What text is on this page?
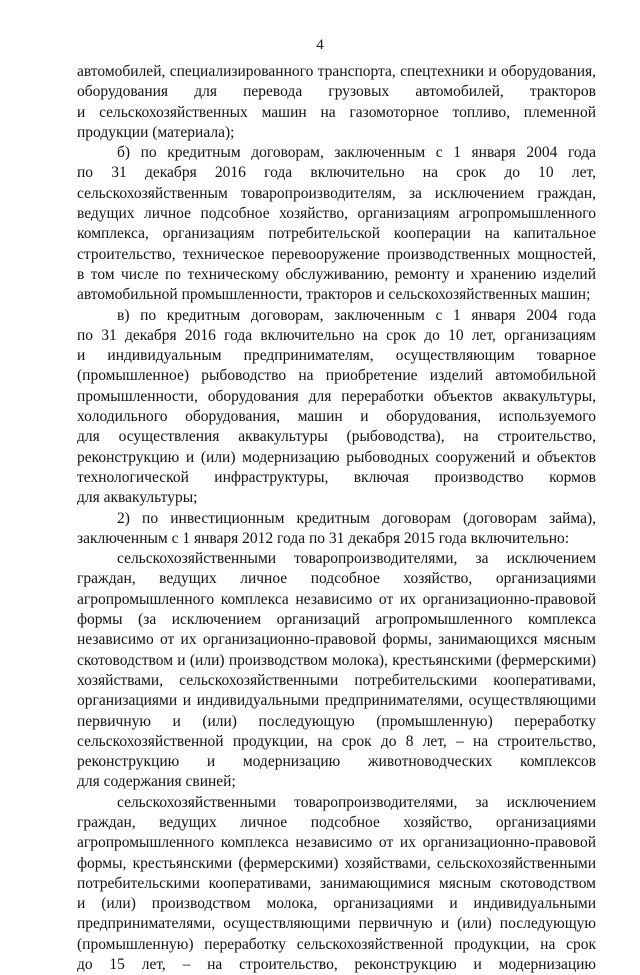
4
автомобилей, специализированного транспорта, спецтехники и оборудования,
оборудования для перевода грузовых автомобилей, тракторов
и сельскохозяйственных машин на газомоторное топливо, племенной
продукции (материала);
б) по кредитным договорам, заключенным с 1 января 2004 года
по 31 декабря 2016 года включительно на срок до 10 лет,
сельскохозяйственным товаропроизводителям, за исключением граждан,
ведущих личное подсобное хозяйство, организациям агропромышленного
комплекса, организациям потребительской кооперации на капитальное
строительство, техническое перевооружение производственных мощностей,
в том числе по техническому обслуживанию, ремонту и хранению изделий
автомобильной промышленности, тракторов и сельскохозяйственных машин;
в) по кредитным договорам, заключенным с 1 января 2004 года
по 31 декабря 2016 года включительно на срок до 10 лет, организациям
и индивидуальным предпринимателям, осуществляющим товарное
(промышленное) рыбоводство на приобретение изделий автомобильной
промышленности, оборудования для переработки объектов аквакультуры,
холодильного оборудования, машин и оборудования, используемого
для осуществления аквакультуры (рыбоводства), на строительство,
реконструкцию и (или) модернизацию рыбоводных сооружений и объектов
технологической инфраструктуры, включая производство кормов
для аквакультуры;
2) по инвестиционным кредитным договорам (договорам займа),
заключенным с 1 января 2012 года по 31 декабря 2015 года включительно:
сельскохозяйственными товаропроизводителями, за исключением
граждан, ведущих личное подсобное хозяйство, организациями
агропромышленного комплекса независимо от их организационно-правовой
формы (за исключением организаций агропромышленного комплекса
независимо от их организационно-правовой формы, занимающихся мясным
скотоводством и (или) производством молока), крестьянскими (фермерскими)
хозяйствами, сельскохозяйственными потребительскими кооперативами,
организациями и индивидуальными предпринимателями, осуществляющими
первичную и (или) последующую (промышленную) переработку
сельскохозяйственной продукции, на срок до 8 лет, – на строительство,
реконструкцию и модернизацию животноводческих комплексов
для содержания свиней;
сельскохозяйственными товаропроизводителями, за исключением
граждан, ведущих личное подсобное хозяйство, организациями
агропромышленного комплекса независимо от их организационно-правовой
формы, крестьянскими (фермерскими) хозяйствами, сельскохозяйственными
потребительскими кооперативами, занимающимися мясным скотоводством
и (или) производством молока, организациями и индивидуальными
предпринимателями, осуществляющими первичную и (или) последующую
(промышленную) переработку сельскохозяйственной продукции, на срок
до 15 лет, – на строительство, реконструкцию и модернизацию
